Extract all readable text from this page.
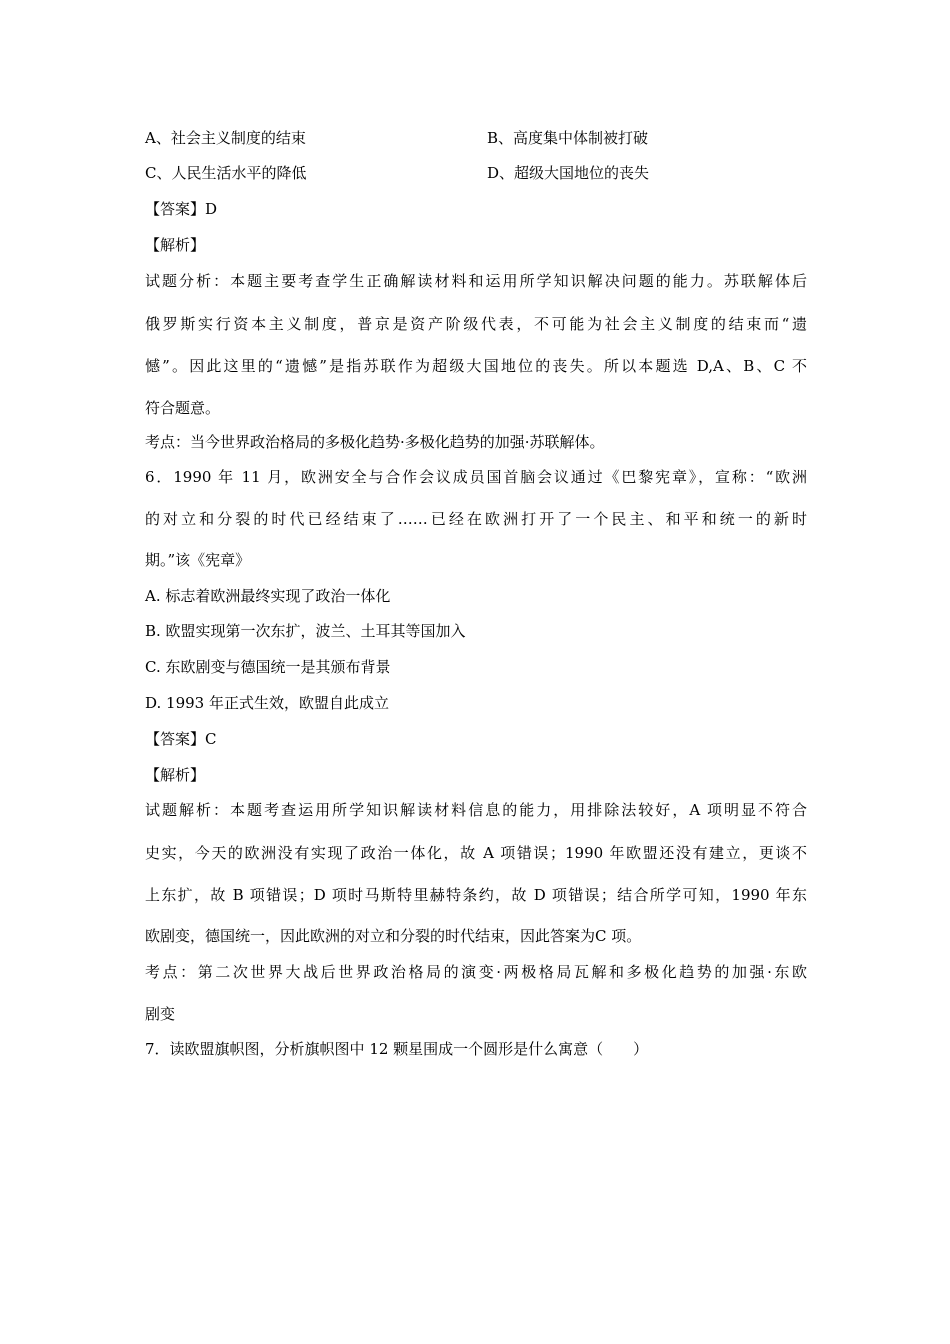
A、社会主义制度的结束	B、高度集中体制被打破
C、人民生活水平的降低	D、超级大国地位的丧失
【答案】D
【解析】
试题分析：本题主要考查学生正确解读材料和运用所学知识解决问题的能力。苏联解体后
俄罗斯实行资本主义制度，普京是资产阶级代表，不可能为社会主义制度的结束而“遗
憾”。因此这里的“遗憾”是指苏联作为超级大国地位的丧失。所以本题选 D,A、B、C 不
符合题意。
考点：当今世界政治格局的多极化趋势·多极化趋势的加强·苏联解体。
6．1990 年 11 月，欧洲安全与合作会议成员国首脑会议通过《巴黎宪章》，宣称：“欧洲
的对立和分裂的时代已经结束了……已经在欧洲打开了一个民主、和平和统一的新时
期。”该《宪章》
A. 标志着欧洲最终实现了政治一体化
B. 欧盟实现第一次东扩，波兰、土耳其等国加入
C. 东欧剧变与德国统一是其颁布背景
D. 1993 年正式生效，欧盟自此成立
【答案】C
【解析】
试题解析：本题考查运用所学知识解读材料信息的能力，用排除法较好，A 项明显不符合
史实，今天的欧洲没有实现了政治一体化，故 A 项错误；1990 年欧盟还没有建立，更谈不
上东扩，故 B 项错误；D 项时马斯特里赫特条约，故 D 项错误；结合所学可知，1990 年东
欧剧变，德国统一，因此欧洲的对立和分裂的时代结束，因此答案为C 项。
考点：第二次世界大战后世界政治格局的演变·两极格局瓦解和多极化趋势的加强·东欧
剧变
7．读欧盟旗帜图，分析旗帜图中 12 颗星围成一个圆形是什么寓意（　　）
